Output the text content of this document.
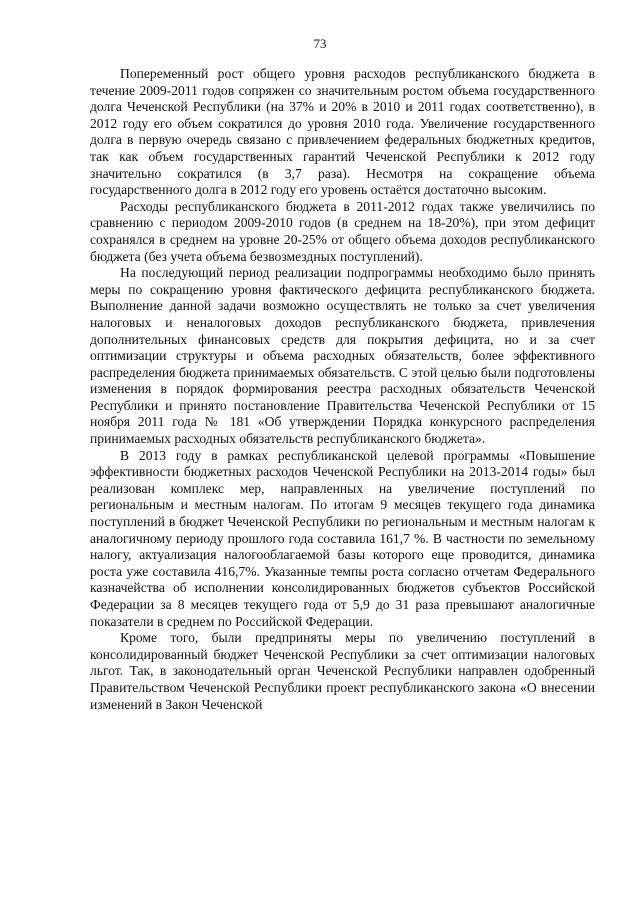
73

Попеременный рост общего уровня расходов республиканского бюджета в течение 2009-2011 годов сопряжен со значительным ростом объема государственного долга Чеченской Республики (на 37% и 20% в 2010 и 2011 годах соответственно), в 2012 году его объем сократился до уровня 2010 года. Увеличение государственного долга в первую очередь связано с привлечением федеральных бюджетных кредитов, так как объем государственных гарантий Чеченской Республики к 2012 году значительно сократился (в 3,7 раза). Несмотря на сокращение объема государственного долга в 2012 году его уровень остаётся достаточно высоким.

Расходы республиканского бюджета в 2011-2012 годах также увеличились по сравнению с периодом 2009-2010 годов (в среднем на 18-20%), при этом дефицит сохранялся в среднем на уровне 20-25% от общего объема доходов республиканского бюджета (без учета объема безвозмездных поступлений).

На последующий период реализации подпрограммы необходимо было принять меры по сокращению уровня фактического дефицита республиканского бюджета. Выполнение данной задачи возможно осуществлять не только за счет увеличения налоговых и неналоговых доходов республиканского бюджета, привлечения дополнительных финансовых средств для покрытия дефицита, но и за счет оптимизации структуры и объема расходных обязательств, более эффективного распределения бюджета принимаемых обязательств. С этой целью были подготовлены изменения в порядок формирования реестра расходных обязательств Чеченской Республики и принято постановление Правительства Чеченской Республики от 15 ноября 2011 года № 181 «Об утверждении Порядка конкурсного распределения принимаемых расходных обязательств республиканского бюджета».

В 2013 году в рамках республиканской целевой программы «Повышение эффективности бюджетных расходов Чеченской Республики на 2013-2014 годы» был реализован комплекс мер, направленных на увеличение поступлений по региональным и местным налогам. По итогам 9 месяцев текущего года динамика поступлений в бюджет Чеченской Республики по региональным и местным налогам к аналогичному периоду прошлого года составила 161,7 %. В частности по земельному налогу, актуализация налогооблагаемой базы которого еще проводится, динамика роста уже составила 416,7%. Указанные темпы роста согласно отчетам Федерального казначейства об исполнении консолидированных бюджетов субъектов Российской Федерации за 8 месяцев текущего года от 5,9 до 31 раза превышают аналогичные показатели в среднем по Российской Федерации.

Кроме того, были предприняты меры по увеличению поступлений в консолидированный бюджет Чеченской Республики за счет оптимизации налоговых льгот. Так, в законодательный орган Чеченской Республики направлен одобренный Правительством Чеченской Республики проект республиканского закона «О внесении изменений в Закон Чеченской
